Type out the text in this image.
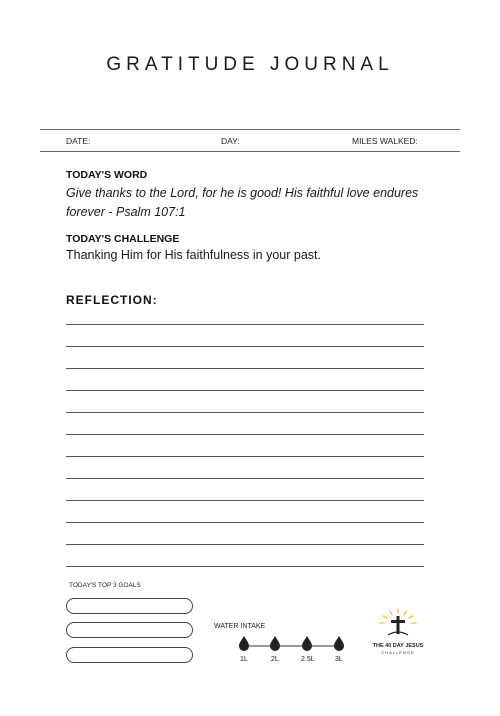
GRATITUDE JOURNAL
DATE:	DAY:	MILES WALKED:
TODAY'S WORD
Give thanks to the Lord, for he is good! His faithful love endures forever - Psalm 107:1
TODAY'S CHALLENGE
Thanking Him for His faithfulness in your past.
REFLECTION:
TODAY'S TOP 3 GOALS
WATER INTAKE
1L	2L	2.5L	3L
THE 40 DAY JESUS
CHALLENGE
